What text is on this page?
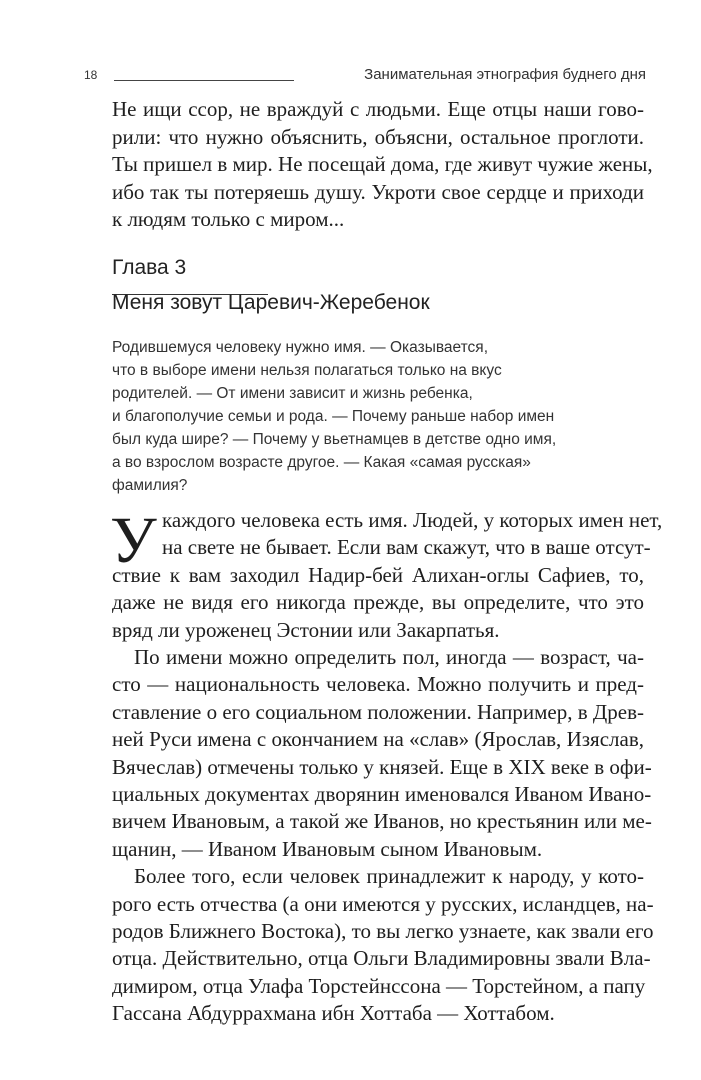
18	Занимательная этнография буднего дня
Не ищи ссор, не враждуй с людьми. Еще отцы наши гово-
рили: что нужно объяснить, объясни, остальное проглоти.
Ты пришел в мир. Не посещай дома, где живут чужие жены,
ибо так ты потеряешь душу. Укроти свое сердце и приходи
к людям только с миром...
Глава 3
Меня зовут Царевич-Жеребенок
Родившемуся человеку нужно имя. — Оказывается,
что в выборе имени нельзя полагаться только на вкус
родителей. — От имени зависит и жизнь ребенка,
и благополучие семьи и рода. — Почему раньше набор имен
был куда шире? — Почему у вьетнамцев в детстве одно имя,
а во взрослом возрасте другое. — Какая «самая русская»
фамилия?
У каждого человека есть имя. Людей, у которых имен нет,
на свете не бывает. Если вам скажут, что в ваше отсут-
ствие к вам заходил Надир-бей Алихан-оглы Сафиев, то,
даже не видя его никогда прежде, вы определите, что это
вряд ли уроженец Эстонии или Закарпатья.
По имени можно определить пол, иногда — возраст, ча-
сто — национальность человека. Можно получить и пред-
ставление о его социальном положении. Например, в Древ-
ней Руси имена с окончанием на «слав» (Ярослав, Изяслав,
Вячеслав) отмечены только у князей. Еще в XIX веке в офи-
циальных документах дворянин именовался Иваном Ивано-
вичем Ивановым, а такой же Иванов, но крестьянин или ме-
щанин, — Иваном Ивановым сыном Ивановым.
Более того, если человек принадлежит к народу, у кото-
рого есть отчества (а они имеются у русских, исландцев, на-
родов Ближнего Востока), то вы легко узнаете, как звали его
отца. Действительно, отца Ольги Владимировны звали Вла-
димиром, отца Улафа Торстейнссона — Торстейном, а папу
Гассана Абдуррахмана ибн Хоттаба — Хоттабом.
